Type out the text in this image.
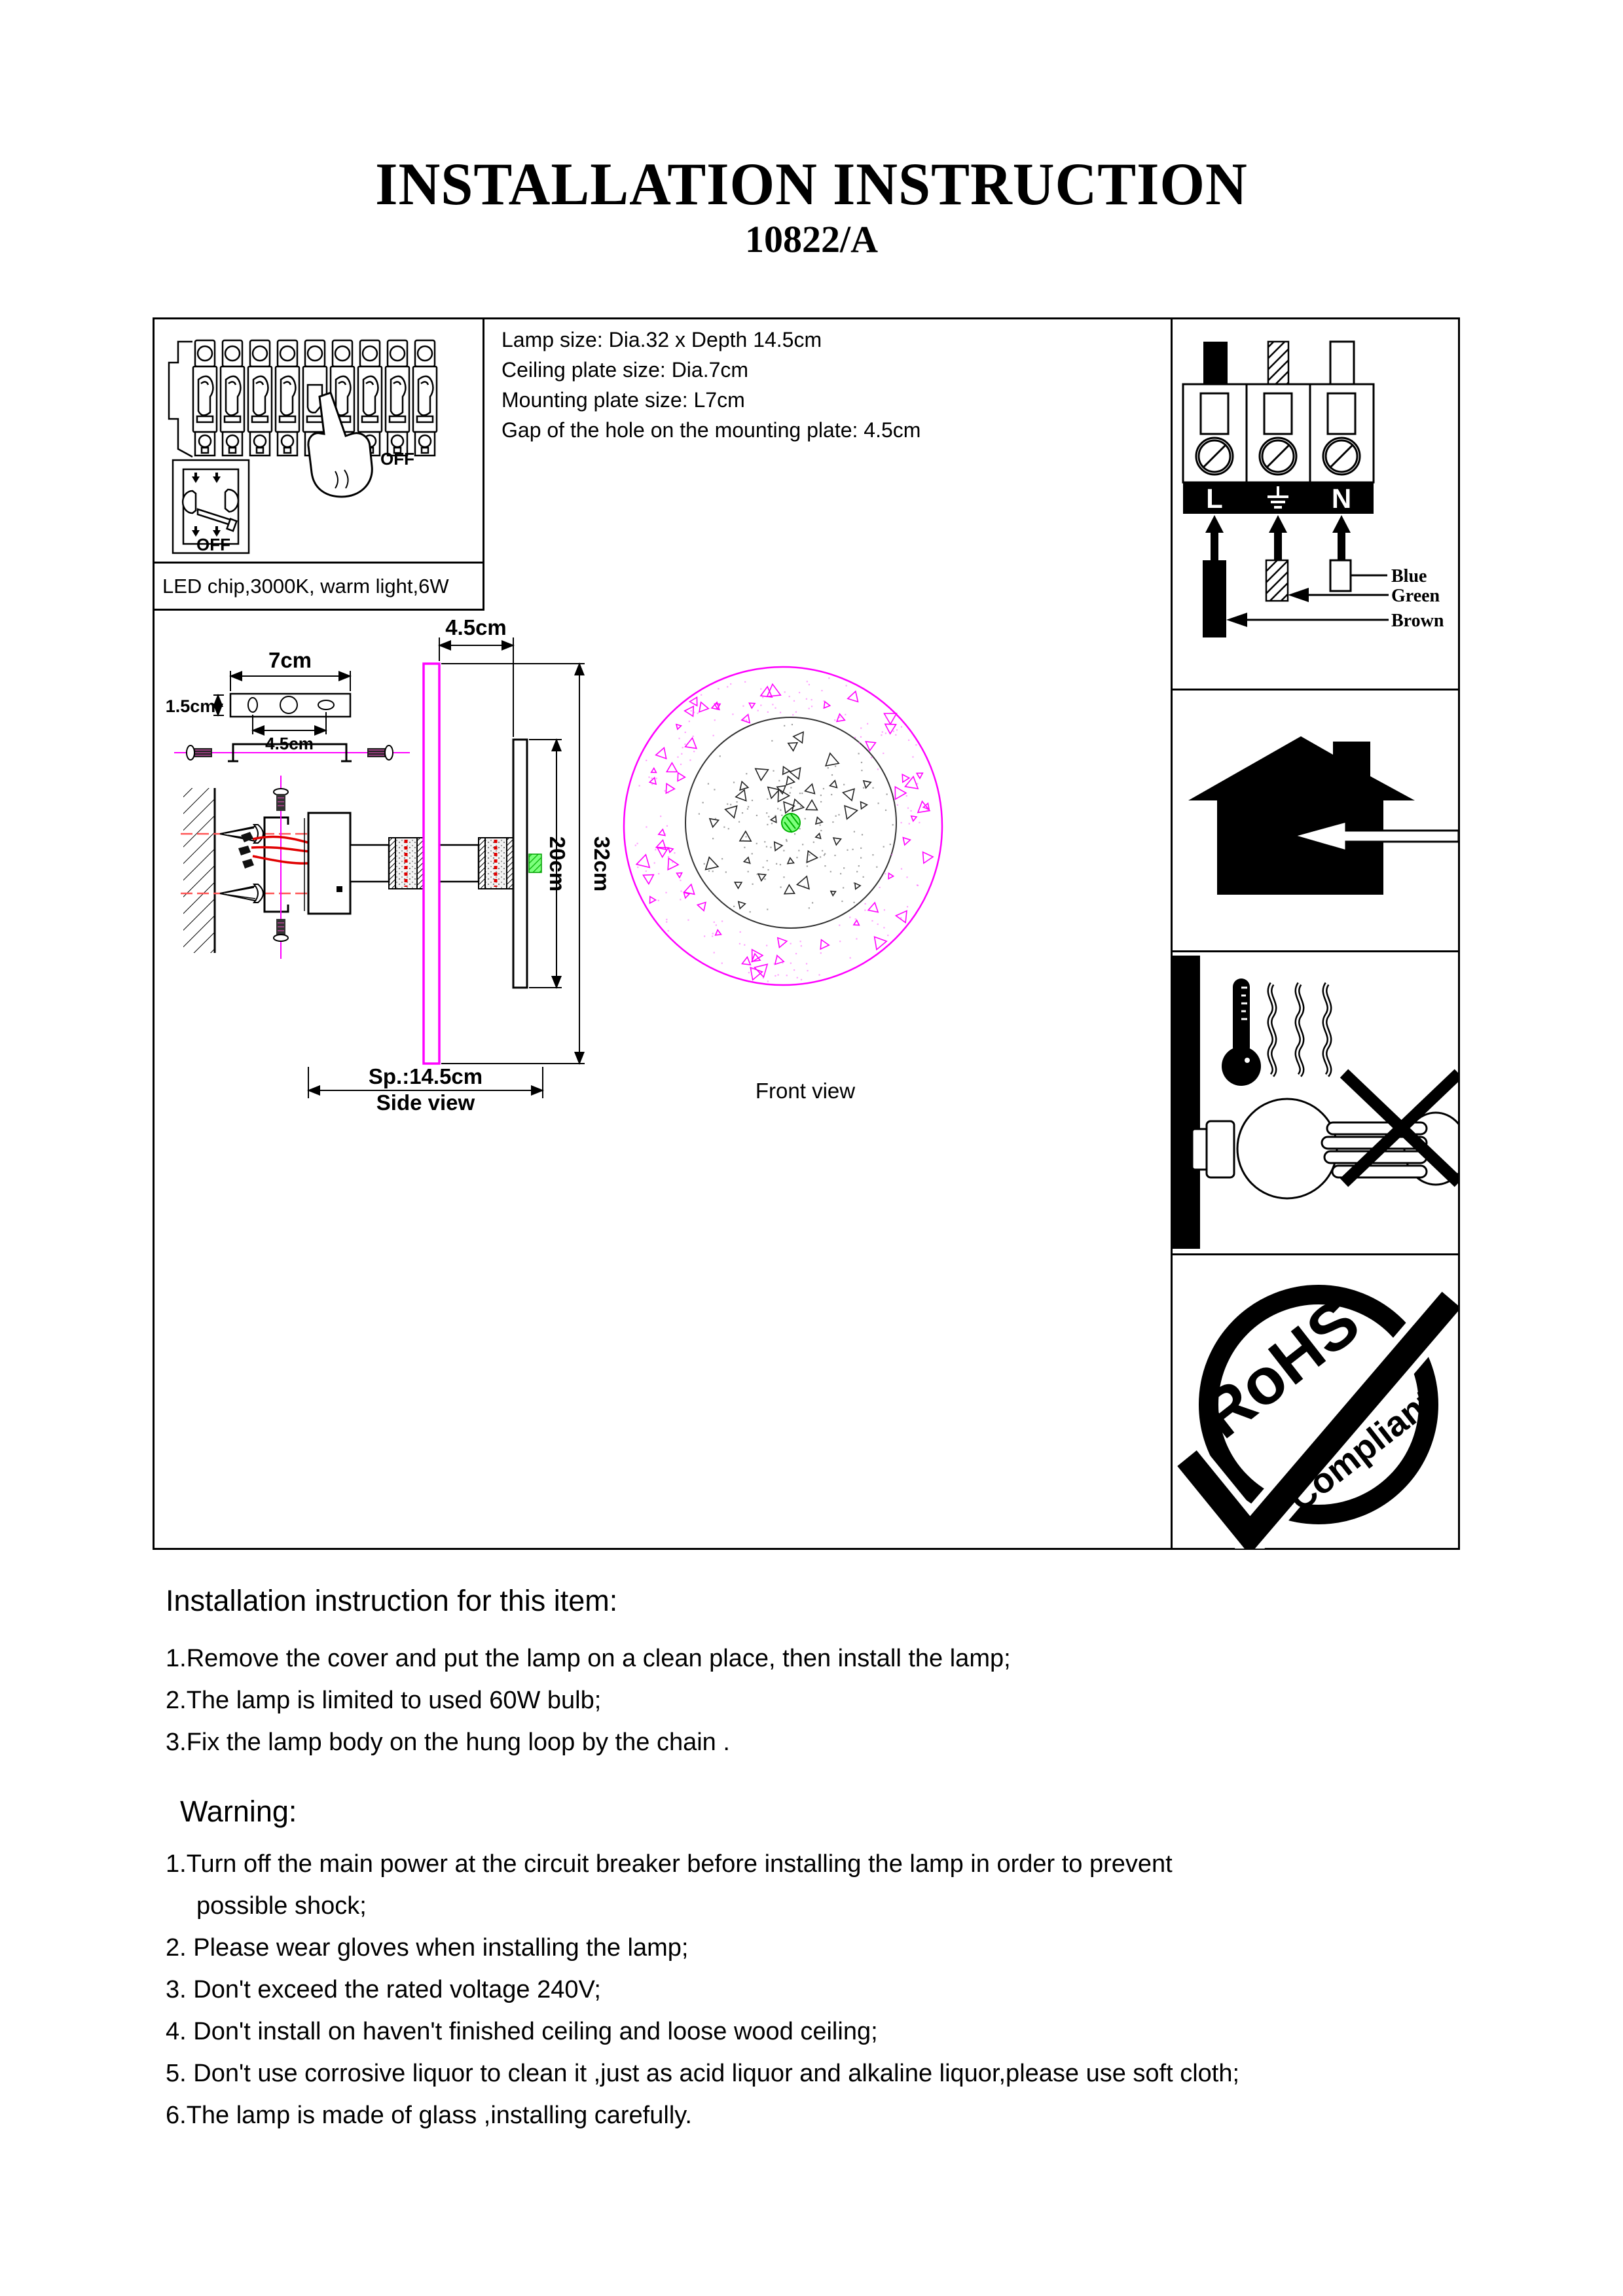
INSTALLATION INSTRUCTION
10822/A
OFF
OFF
LED chip,3000K, warm light,6W
Lamp size: Dia.32 x Depth 14.5cm
Ceiling plate size: Dia.7cm
Mounting plate size: L7cm
Gap of the hole on the mounting plate: 4.5cm
7cm
1.5cm
4.5cm
4.5cm
20cm 32cm
Sp.:14.5cm
Side view	Front view
L	N
Blue
Green
Brown
RoHS
Compliant
Installation instruction for this item:
1.Remove the cover and put the lamp on a clean place, then install the lamp;
2.The lamp is limited to used 60W bulb;
3.Fix the lamp body on the hung loop by the chain .
Warning:
1.Turn off the main power at the circuit breaker before installing the lamp in order to prevent
possible shock;
2. Please wear gloves when installing the lamp;
3. Don't exceed the rated voltage 240V;
4. Don't install on haven't finished ceiling and loose wood ceiling;
5. Don't use corrosive liquor to clean it ,just as acid liquor and alkaline liquor,please use soft cloth;
6.The lamp is made of glass ,installing carefully.
